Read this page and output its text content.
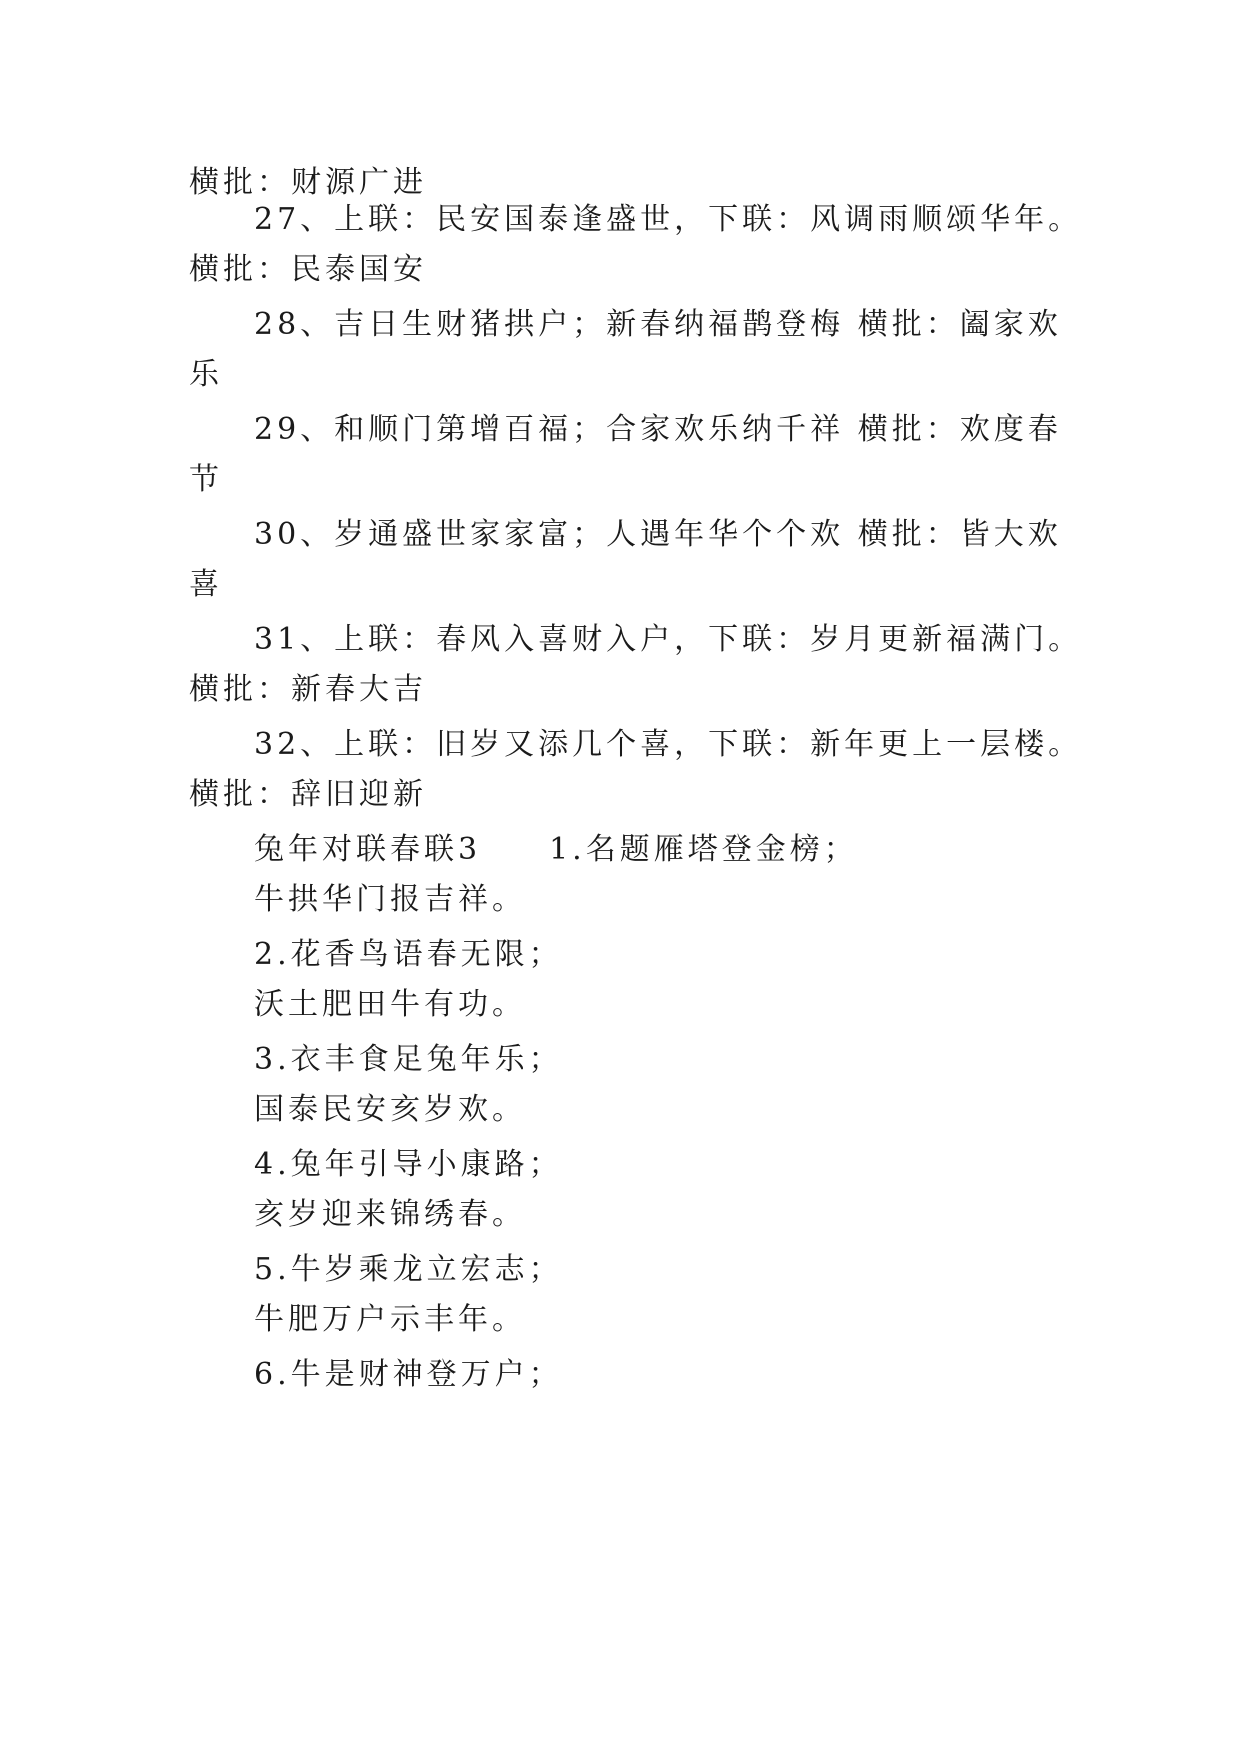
横批：财源广进
27、上联：民安国泰逢盛世，下联：风调雨顺颂华年。
横批：民泰国安
28、吉日生财猪拱户；新春纳福鹊登梅 横批：阖家欢
乐
29、和顺门第增百福；合家欢乐纳千祥 横批：欢度春
节
30、岁通盛世家家富；人遇年华个个欢 横批：皆大欢
喜
31、上联：春风入喜财入户，下联：岁月更新福满门。
横批：新春大吉
32、上联：旧岁又添几个喜，下联：新年更上一层楼。
横批：辞旧迎新
兔年对联春联3　　1.名题雁塔登金榜；
牛拱华门报吉祥。
2.花香鸟语春无限；
沃土肥田牛有功。
3.衣丰食足兔年乐；
国泰民安亥岁欢。
4.兔年引导小康路；
亥岁迎来锦绣春。
5.牛岁乘龙立宏志；
牛肥万户示丰年。
6.牛是财神登万户；
